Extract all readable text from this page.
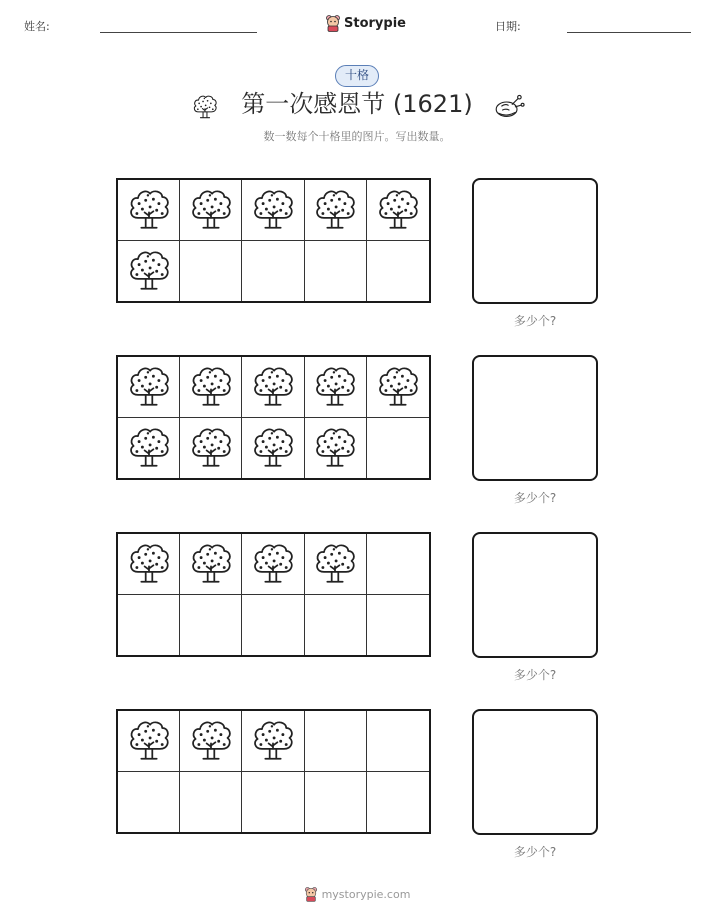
姓名:	Storypie	日期:
十格
第一次感恩节 (1621)
数一数每个十格里的图片。写出数量。
多少个?
多少个?
多少个?
多少个?
mystorypie.com
